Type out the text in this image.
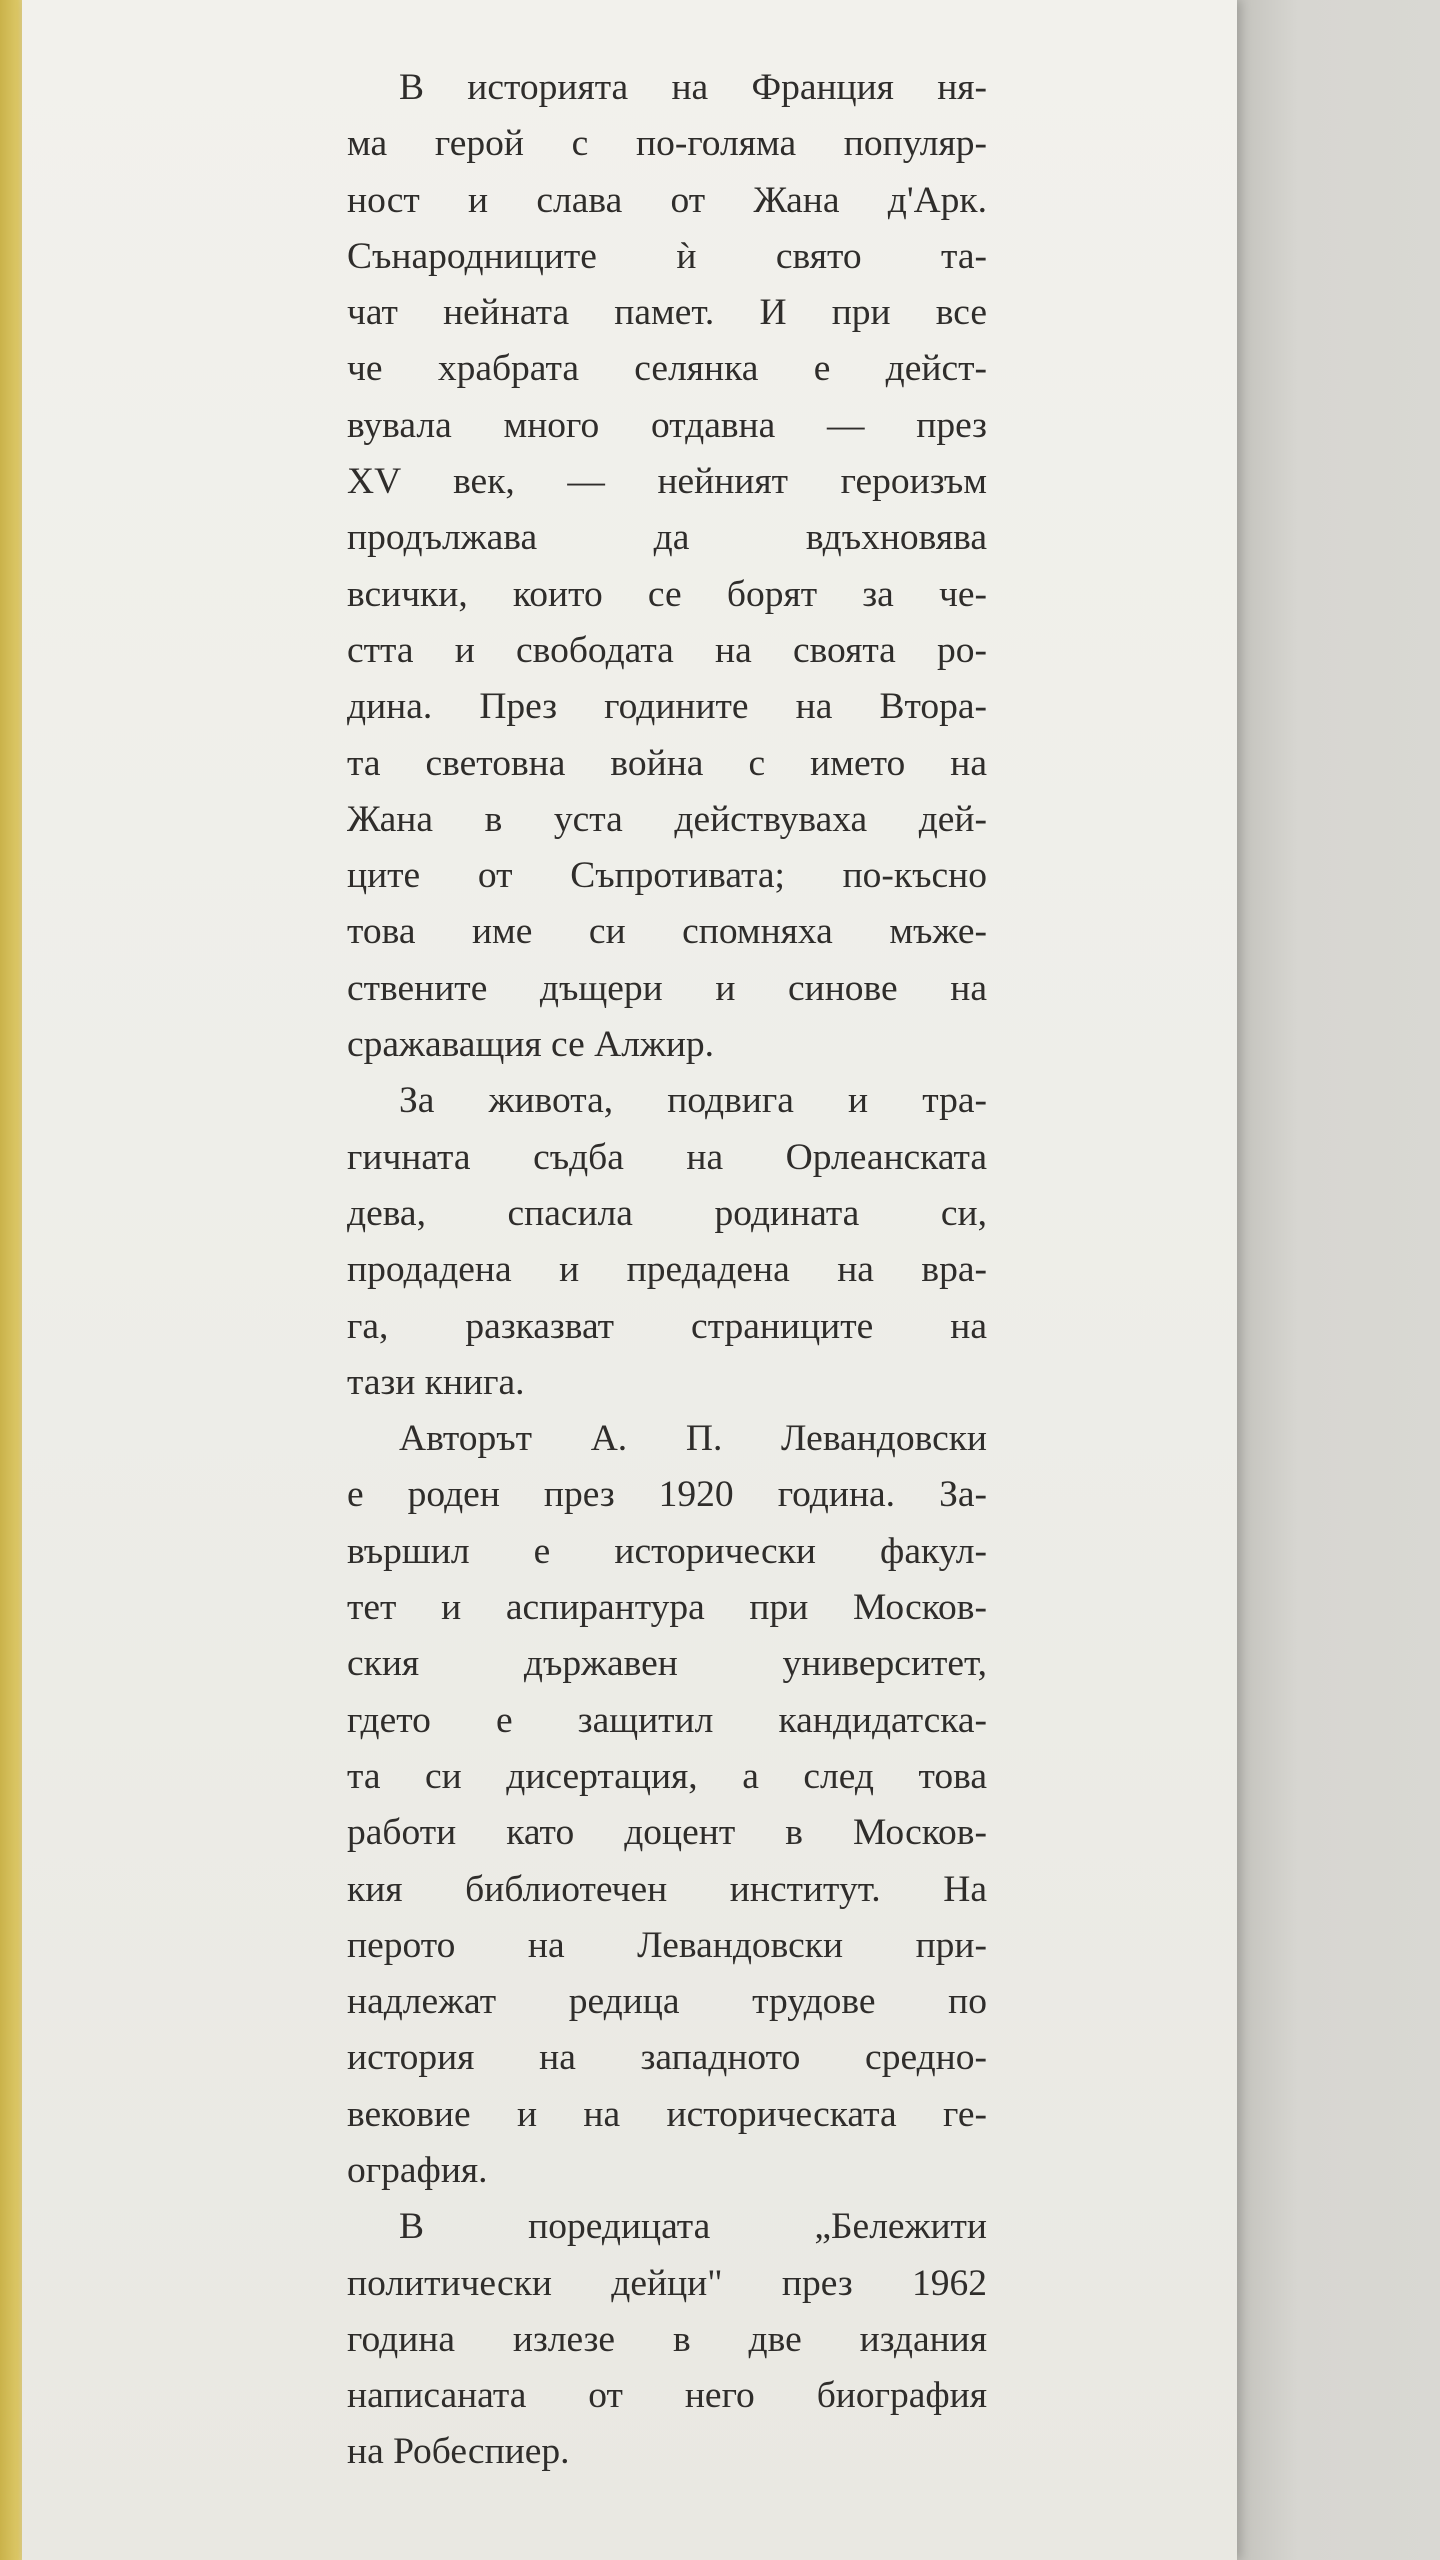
В историята на Франция ня-
ма герой с по-голяма популяр-
ност и слава от Жана д'Арк.
Сънародниците ѝ свято та-
чат нейната памет. И при все
че храбрата селянка е дейст-
вувала много отдавна — през
XV век, — нейният героизъм
продължава да вдъхновява
всички, които се борят за че-
стта и свободата на своята ро-
дина. През годините на Втора-
та световна война с името на
Жана в уста действуваха дей-
ците от Съпротивата; по-късно
това име си спомняха мъже-
ствените дъщери и синове на
сражаващия се Алжир.
За живота, подвига и тра-
гичната съдба на Орлеанската
дева, спасила родината си,
продадена и предадена на вра-
га, разказват страниците на
тази книга.
Авторът А. П. Левандовски
е роден през 1920 година. За-
вършил е исторически факул-
тет и аспирантура при Москов-
ския държавен университет,
гдето е защитил кандидатска-
та си дисертация, а след това
работи като доцент в Москов-
кия библиотечен институт. На
перото на Левандовски при-
надлежат редица трудове по
история на западното средно-
вековие и на историческата ге-
ография.
В поредицата „Бележити
политически дейци" през 1962
година излезе в две издания
написаната от него биография
на Робеспиер.
